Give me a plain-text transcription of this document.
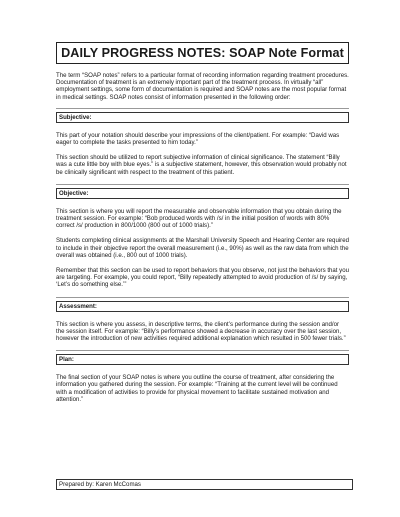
DAILY PROGRESS NOTES: SOAP Note Format

The term “SOAP notes” refers to a particular format of recording information regarding treatment procedures. Documentation of treatment is an extremely important part of the treatment process. In virtually “all” employment settings, some form of documentation is required and SOAP notes are the most popular format in medical settings. SOAP notes consist of information presented in the following order:

Subjective:

This part of your notation should describe your impressions of the client/patient. For example: “David was eager to complete the tasks presented to him today.”

This section should be utilized to report subjective information of clinical significance. The statement “Billy was a cute little boy with blue eyes.” is a subjective statement, however, this observation would probably not be clinically significant with respect to the treatment of this patient.

Objective:

This section is where you will report the measurable and observable information that you obtain during the treatment session. For example: “Bob produced words with /s/ in the initial position of words with 80% correct /s/ production in 800/1000 (800 out of 1000 trials).”

Students completing clinical assignments at the Marshall University Speech and Hearing Center are required to include in their objective report the overall measurement (i.e., 90%) as well as the raw data from which the overall was obtained (i.e., 800 out of 1000 trials).

Remember that this section can be used to report behaviors that you observe, not just the behaviors that you are targeting. For example, you could report, “Billy repeatedly attempted to avoid production of /s/ by saying, ‘Let’s do something else.’”

Assessment:

This section is where you assess, in descriptive terms, the client’s performance during the session and/or the session itself. For example: “Billy’s performance showed a decrease in accuracy over the last session, however the introduction of new activities required additional explanation which resulted in 500 fewer trials.”

Plan:

The final section of your SOAP notes is where you outline the course of treatment, after considering the information you gathered during the session. For example: “Training at the current level will be continued with a modification of activities to provide for physical movement to facilitate sustained motivation and attention.”

Prepared by: Karen McComas
